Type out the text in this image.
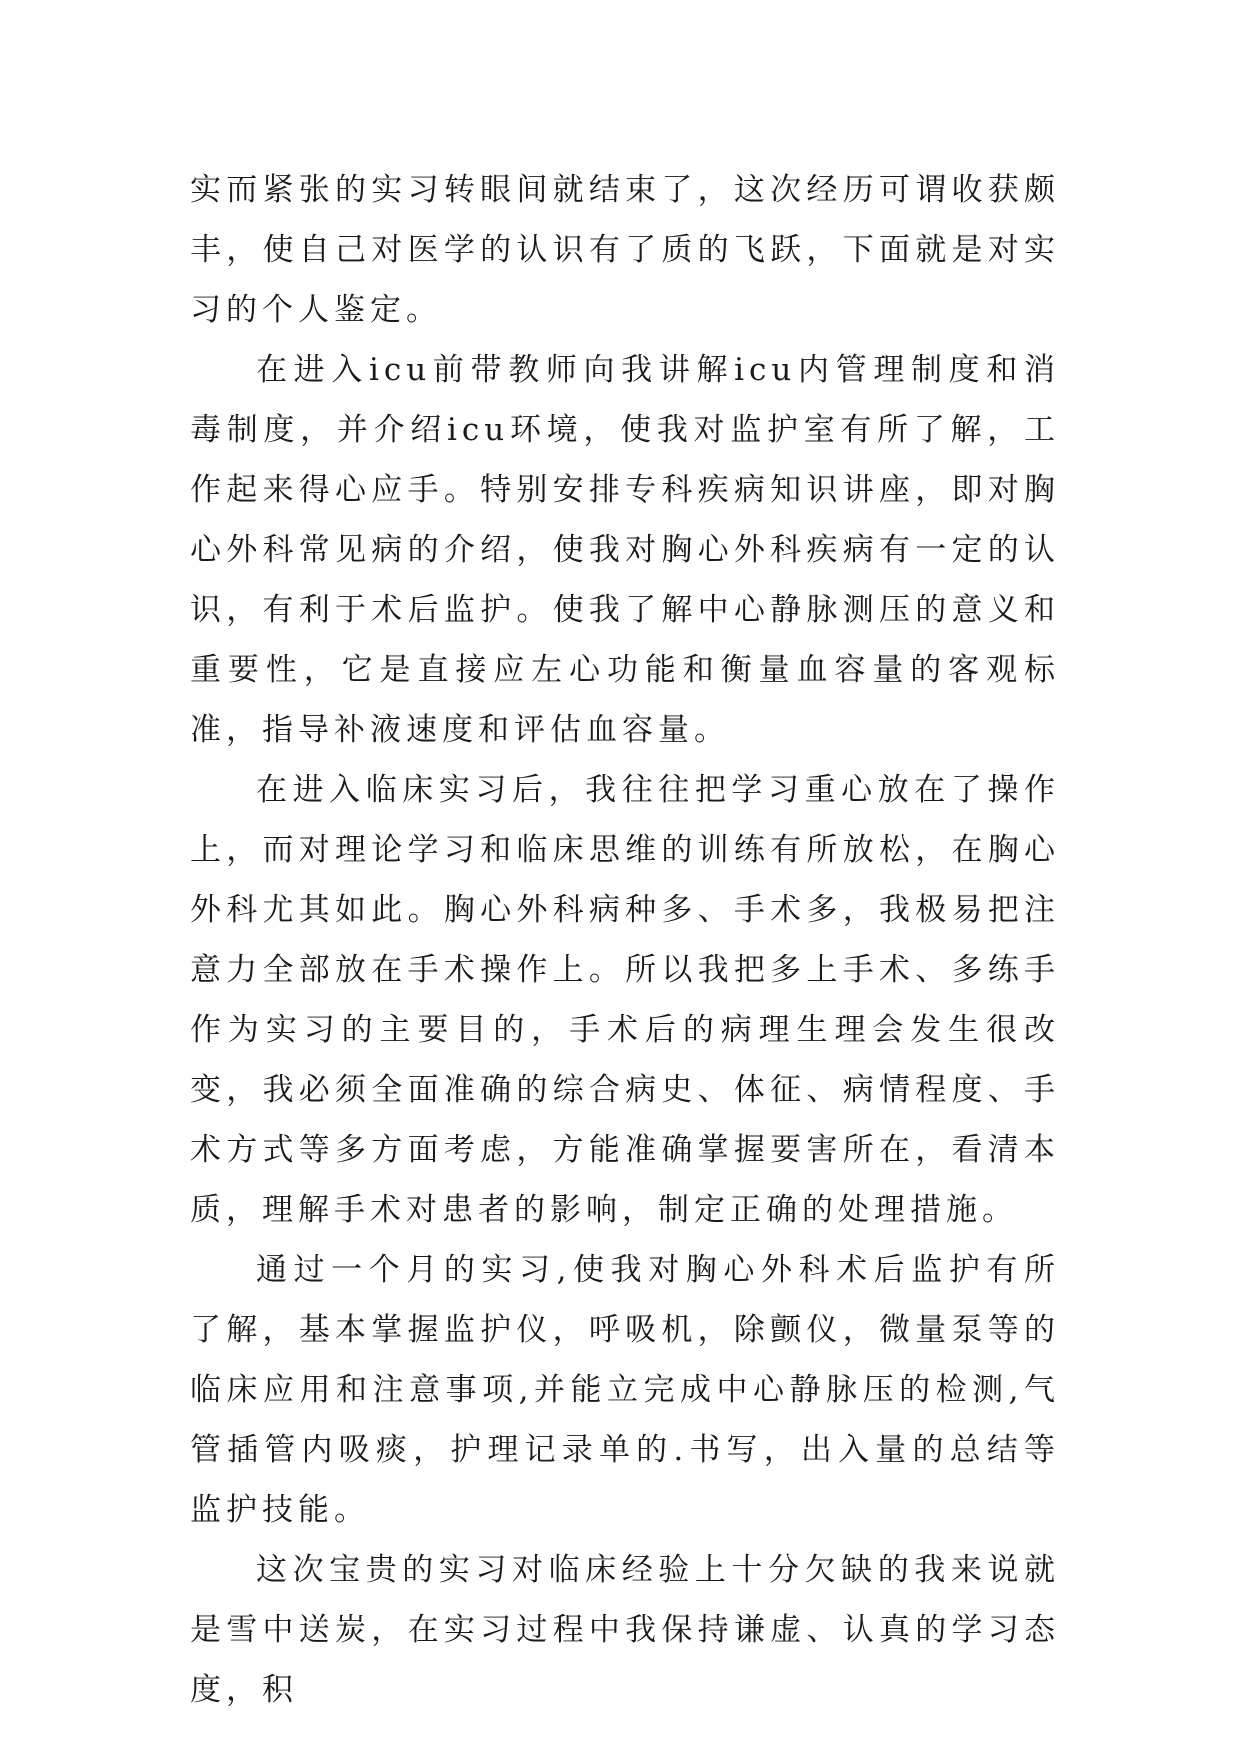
实而紧张的实习转眼间就结束了，这次经历可谓收获颇丰，使自己对医学的认识有了质的飞跃，下面就是对实习的个人鉴定。

在进入icu前带教师向我讲解icu内管理制度和消毒制度，并介绍icu环境，使我对监护室有所了解，工作起来得心应手。特别安排专科疾病知识讲座，即对胸心外科常见病的介绍，使我对胸心外科疾病有一定的认识，有利于术后监护。使我了解中心静脉测压的意义和重要性，它是直接应左心功能和衡量血容量的客观标准，指导补液速度和评估血容量。

在进入临床实习后，我往往把学习重心放在了操作上，而对理论学习和临床思维的训练有所放松，在胸心外科尤其如此。胸心外科病种多、手术多，我极易把注意力全部放在手术操作上。所以我把多上手术、多练手作为实习的主要目的，手术后的病理生理会发生很改变，我必须全面准确的综合病史、体征、病情程度、手术方式等多方面考虑，方能准确掌握要害所在，看清本质，理解手术对患者的影响，制定正确的处理措施。

通过一个月的实习,使我对胸心外科术后监护有所了解，基本掌握监护仪，呼吸机，除颤仪，微量泵等的临床应用和注意事项,并能立完成中心静脉压的检测,气管插管内吸痰，护理记录单的.书写，出入量的总结等监护技能。

这次宝贵的实习对临床经验上十分欠缺的我来说就是雪中送炭，在实习过程中我保持谦虚、认真的学习态度，积
